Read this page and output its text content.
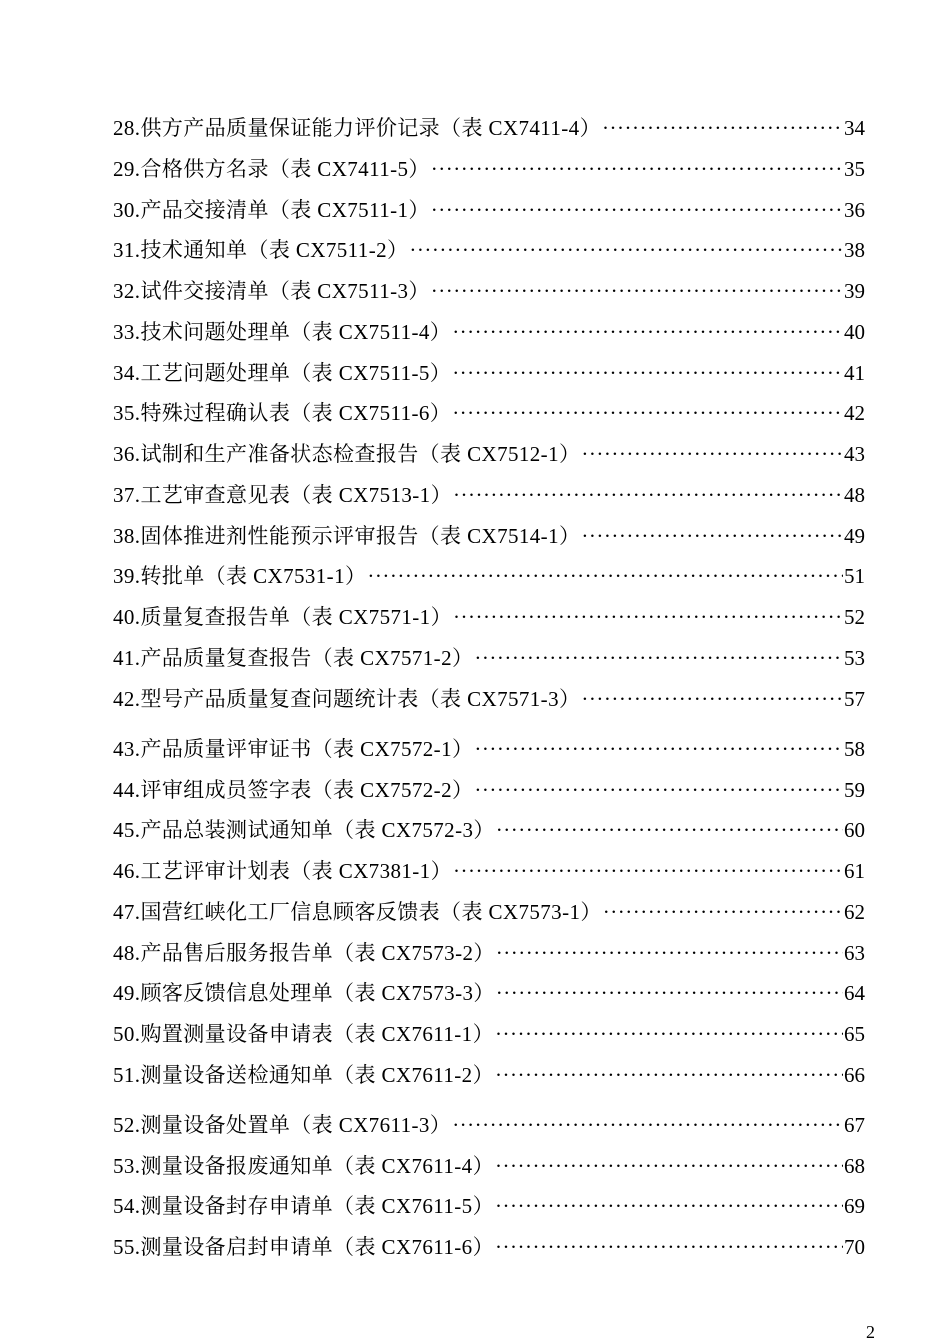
28.供方产品质量保证能力评价记录（表 CX7411-4） ·····	34
29.合格供方名录（表 CX7411-5） ·····	35
30.产品交接清单（表 CX7511-1） ·····	36
31.技术通知单（表 CX7511-2） ·····	38
32.试件交接清单（表 CX7511-3） ·····	39
33.技术问题处理单（表 CX7511-4） ·····	40
34.工艺问题处理单（表 CX7511-5） ·····	41
35.特殊过程确认表（表 CX7511-6） ·····	42
36.试制和生产准备状态检查报告（表 CX7512-1） ·····	43
37.工艺审查意见表（表 CX7513-1） ·····	48
38.固体推进剂性能预示评审报告（表 CX7514-1） ·····	49
39.转批单（表 CX7531-1） ·····	51
40.质量复查报告单（表 CX7571-1） ·····	52
41.产品质量复查报告（表 CX7571-2） ·····	53
42.型号产品质量复查问题统计表（表 CX7571-3） ·····	57
43.产品质量评审证书（表 CX7572-1） ·····	58
44.评审组成员签字表（表 CX7572-2） ·····	59
45.产品总装测试通知单（表 CX7572-3） ·····	60
46.工艺评审计划表（表 CX7381-1） ·····	61
47.国营红峡化工厂信息顾客反馈表（表 CX7573-1） ·····	62
48.产品售后服务报告单（表 CX7573-2） ·····	63
49.顾客反馈信息处理单（表 CX7573-3） ·····	64
50.购置测量设备申请表（表 CX7611-1） ·····	65
51.测量设备送检通知单（表 CX7611-2） ·····	66
52.测量设备处置单（表 CX7611-3） ·····	67
53.测量设备报废通知单（表 CX7611-4） ·····	68
54.测量设备封存申请单（表 CX7611-5） ·····	69
55.测量设备启封申请单（表 CX7611-6） ·····	70
2
